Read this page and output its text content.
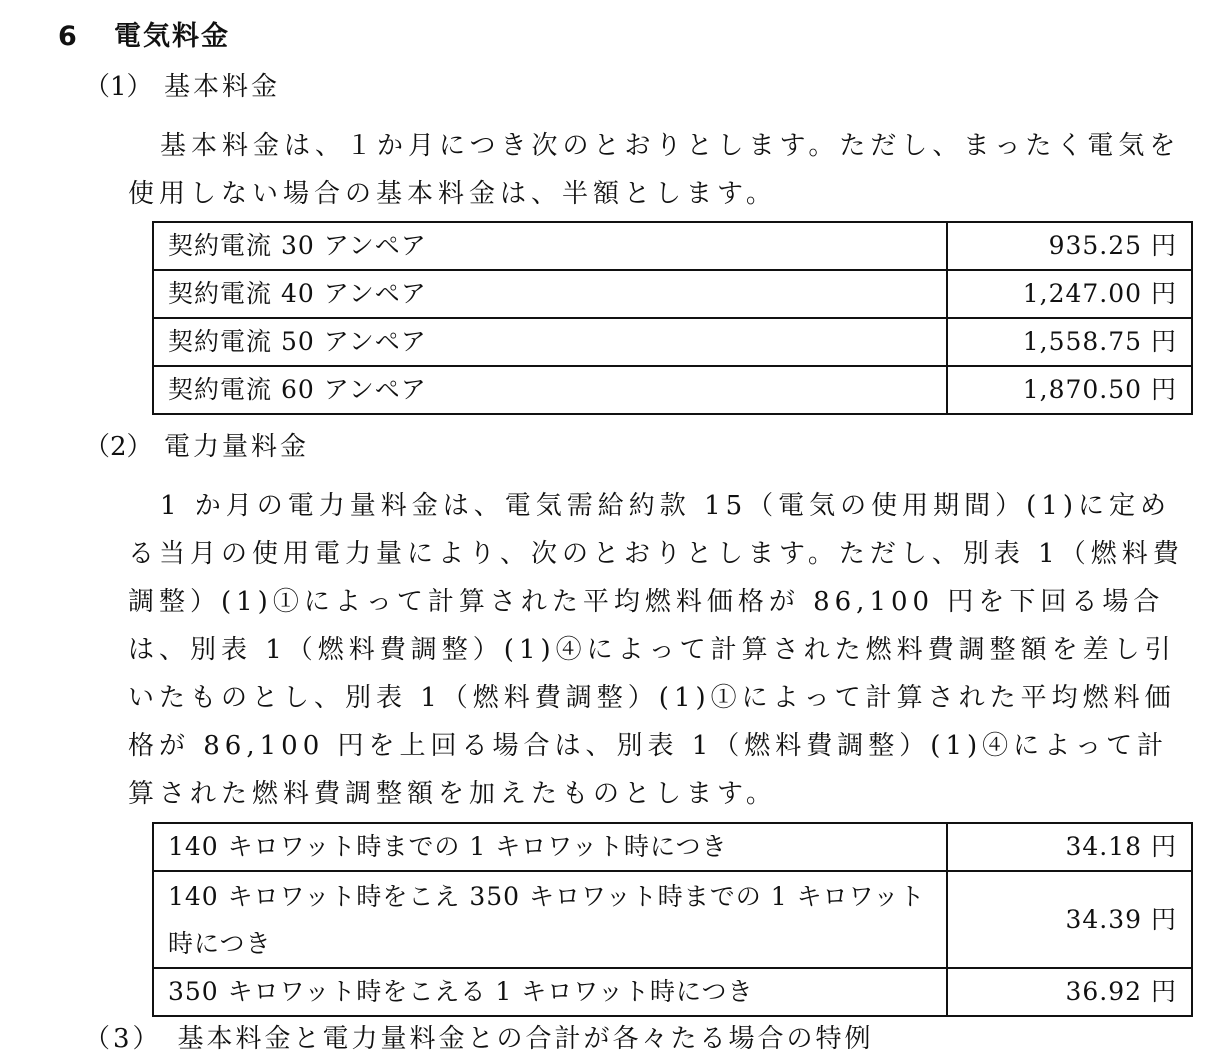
6 電気料金
（1） 基本料金

基本料金は、１か月につき次のとおりとします。ただし、まったく電気を使用しない場合の基本料金は、半額とします。

契約電流 30 アンペア	935.25 円
契約電流 40 アンペア	1,247.00 円
契約電流 50 アンペア	1,558.75 円
契約電流 60 アンペア	1,870.50 円
（2） 電力量料金

1 か月の電力量料金は、電気需給約款 15（電気の使用期間）(1)に定める当月の使用電力量により、次のとおりとします。ただし、別表 1（燃料費調整）(1)①によって計算された平均燃料価格が 86,100 円を下回る場合は、別表 1（燃料費調整）(1)④によって計算された燃料費調整額を差し引いたものとし、別表 1（燃料費調整）(1)①によって計算された平均燃料価格が 86,100 円を上回る場合は、別表 1（燃料費調整）(1)④によって計算された燃料費調整額を加えたものとします。

140 キロワット時までの 1 キロワット時につき	34.18 円
140 キロワット時をこえ 350 キロワット時までの 1 キロワット時につき	34.39 円
350 キロワット時をこえる 1 キロワット時につき	36.92 円
（3）　基本料金と電力量料金との合計が各々たる場合の特例
